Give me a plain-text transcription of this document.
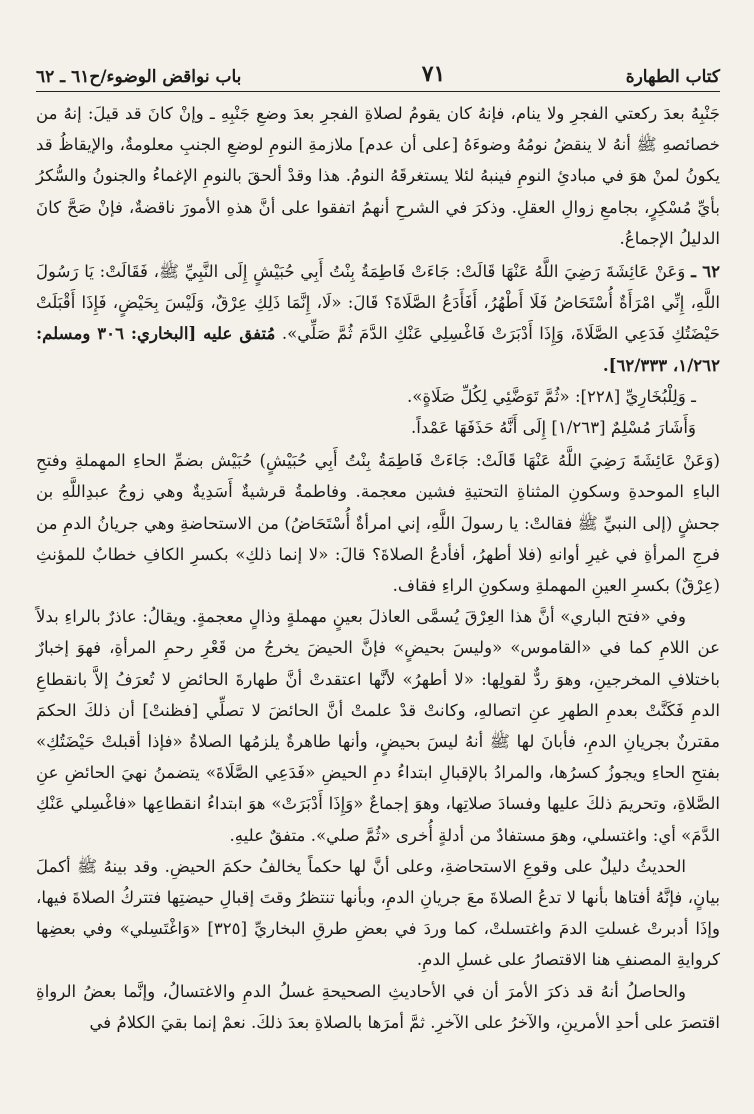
كتاب الطهارة
٧١
باب نواقض الوضوء/ح٦١ ـ ٦٢

جَنْبِهُ بعدَ ركعتي الفجرِ ولا ينام، فإنهُ كان يقومُ لصلاةِ الفجرِ بعدَ وضعِ جَنْبِهِ ـ وإنْ كانَ قد قيلَ: إنهُ من خصائصهِ ﷺ أنهُ لا ينقضُ نومُهُ وضوءَهُ [على أن عدم] ملازمةِ النومِ لوضعِ الجنبِ معلومةٌ، والإيقاظُ قد يكونُ لمنْ هوَ في مبادئِ النومِ فينبهُ لئلا يستغرقَهُ النومُ. هذا وقدْ ألحقَ بالنومِ الإغماءُ والجنونُ والسُّكرُ بأيِّ مُسْكِرٍ، بجامعِ زوالِ العقلِ. وذكرَ في الشرحِ أنهمُ اتفقوا على أنَّ هذهِ الأمورَ ناقضةٌ، فإنْ صَحَّ كانَ الدليلُ الإجماعُ.

٦٢ ـ وَعَنْ عَائِشَةَ رَضِيَ اللَّهُ عَنْهَا قَالَتْ: جَاءَتْ فَاطِمَةُ بِنْتُ أَبِي حُبَيْشٍ إِلَى النَّبِيِّ ﷺ، فَقَالَتْ: يَا رَسُولَ اللَّهِ، إِنِّي امْرَأَةٌ أُسْتَحَاضُ فَلَا أَطْهُرُ، أَفَأَدَعُ الصَّلَاةَ؟ قَالَ: «لَا، إِنَّمَا ذَلِكِ عِرْقٌ، وَلَيْسَ بِحَيْضٍ، فَإِذَا أَقْبَلَتْ حَيْضَتُكِ فَدَعِي الصَّلَاةَ، وَإِذَا أَدْبَرَتْ فَاغْسِلِي عَنْكِ الدَّمَ ثُمَّ صَلِّي». مُتفق عليه [البخاري: ٣٠٦ ومسلم: ١/٢٦٢، ٦٢/٣٣٣].

ـ وَلِلْبُخَارِيِّ [٢٢٨]: «ثُمَّ تَوَضَّئِي لِكُلِّ صَلَاةٍ».

وَأَشَارَ مُسْلِمٌ [١/٢٦٣] إِلَى أَنَّهُ حَذَفَهَا عَمْداً.

(وَعَنْ عَائِشَةَ رَضِيَ اللَّهُ عَنْهَا قَالَتْ: جَاءَتْ فَاطِمَةُ بِنْتُ أَبِي حُبَيْشٍ) حُبَيْش بضمِّ الحاءِ المهملةِ وفتحِ الباءِ الموحدةِ وسكونِ المثناةِ التحتيةِ فشين معجمة. وفاطمةُ قرشيةٌ أَسَدِيةٌ وهي زوجُ عبدِاللَّهِ بن جحشٍ (إلى النبيِّ ﷺ فقالتْ: يا رسولَ اللَّهِ، إني امرأةٌ أُسْتَحَاضُ) من الاستحاضةِ وهي جريانُ الدمِ من فرجِ المرأةِ في غيرِ أوانهِ (فلا أطهرُ، أفأدعُ الصلاةَ؟ قالَ: «لا إنما ذلكِ» بكسرِ الكافِ خطابٌ للمؤنثِ (عِرْقٌ) بكسرِ العينِ المهملةِ وسكونِ الراءِ فقاف.

وفي «فتح الباري» أنَّ هذا العِرْقَ يُسمَّى العاذلَ بعينٍ مهملةٍ وذالٍ معجمةٍ. ويقالُ: عاذرٌ بالراءِ بدلاً عن اللامِ كما في «القاموس» «وليسَ بحيضٍ» فإنَّ الحيضَ يخرجُ من قَعْرِ رحمِ المرأةِ، فهوَ إخبارٌ باختلافِ المخرجينِ، وهوَ ردٌّ لقولِها: «لا أطهرُ» لأنَّها اعتقدتْ أنَّ طهارةَ الحائضِ لا تُعرَفُ إلاَّ بانقطاعِ الدمِ فَكَنَّتْ بعدمِ الطهرِ عنِ اتصالهِ، وكانتْ قدْ علمتْ أنَّ الحائضَ لا تصلِّي [فظنتْ] أن ذلكَ الحكمَ مقترنٌ بجريانِ الدمِ، فأبانَ لها ﷺ أنهُ ليسَ بحيضٍ، وأنها طاهرةٌ يلزمُها الصلاةُ «فإذا أقبلتْ حَيْضَتُكِ» بفتحِ الحاءِ ويجوزُ كسرُها، والمرادُ بالإقبالِ ابتداءُ دمِ الحيضِ «فَدَعِي الصَّلَاةَ» يتضمنُ نهيَ الحائضِ عنِ الصَّلاةِ، وتحريمَ ذلكَ عليها وفسادَ صلاتِها، وهوَ إجماعٌ «وَإِذَا أَدْبَرَتْ» هوَ ابتداءُ انقطاعِها «فاغْسِلي عَنْكِ الدَّمَ» أي: واغتسلي، وهوَ مستفادٌ من أدلةٍ أُخرى «ثُمَّ صلي». متفقٌ عليهِ.

الحديثُ دليلٌ على وقوعِ الاستحاضةِ، وعلى أنَّ لها حكماً يخالفُ حكمَ الحيضِ. وقد بينهُ ﷺ أكملَ بيانٍ، فإنَّهُ أفتاها بأنها لا تدعُ الصلاةَ معَ جريانِ الدمِ، وبأنها تنتظرُ وقتَ إقبالِ حيضتِها فتتركُ الصلاةَ فيها، وإذَا أدبرتْ غسلتِ الدمَ واغتسلتْ، كما وردَ في بعضِ طرقِ البخاريِّ [٣٢٥] «وَاغْتَسِلي» وفي بعضِها كروايةِ المصنفِ هنا الاقتصارُ على غسلِ الدمِ.

والحاصلُ أنهُ قد ذكرَ الأمرَ أن في الأحاديثِ الصحيحةِ غسلُ الدمِ والاغتسالُ، وإنَّما بعضُ الرواةِ اقتصرَ على أحدِ الأمرينِ، والآخرُ على الآخرِ. ثمَّ أمرَها بالصلاةِ بعدَ ذلكَ. نعمْ إنما بقيَ الكلامُ في
